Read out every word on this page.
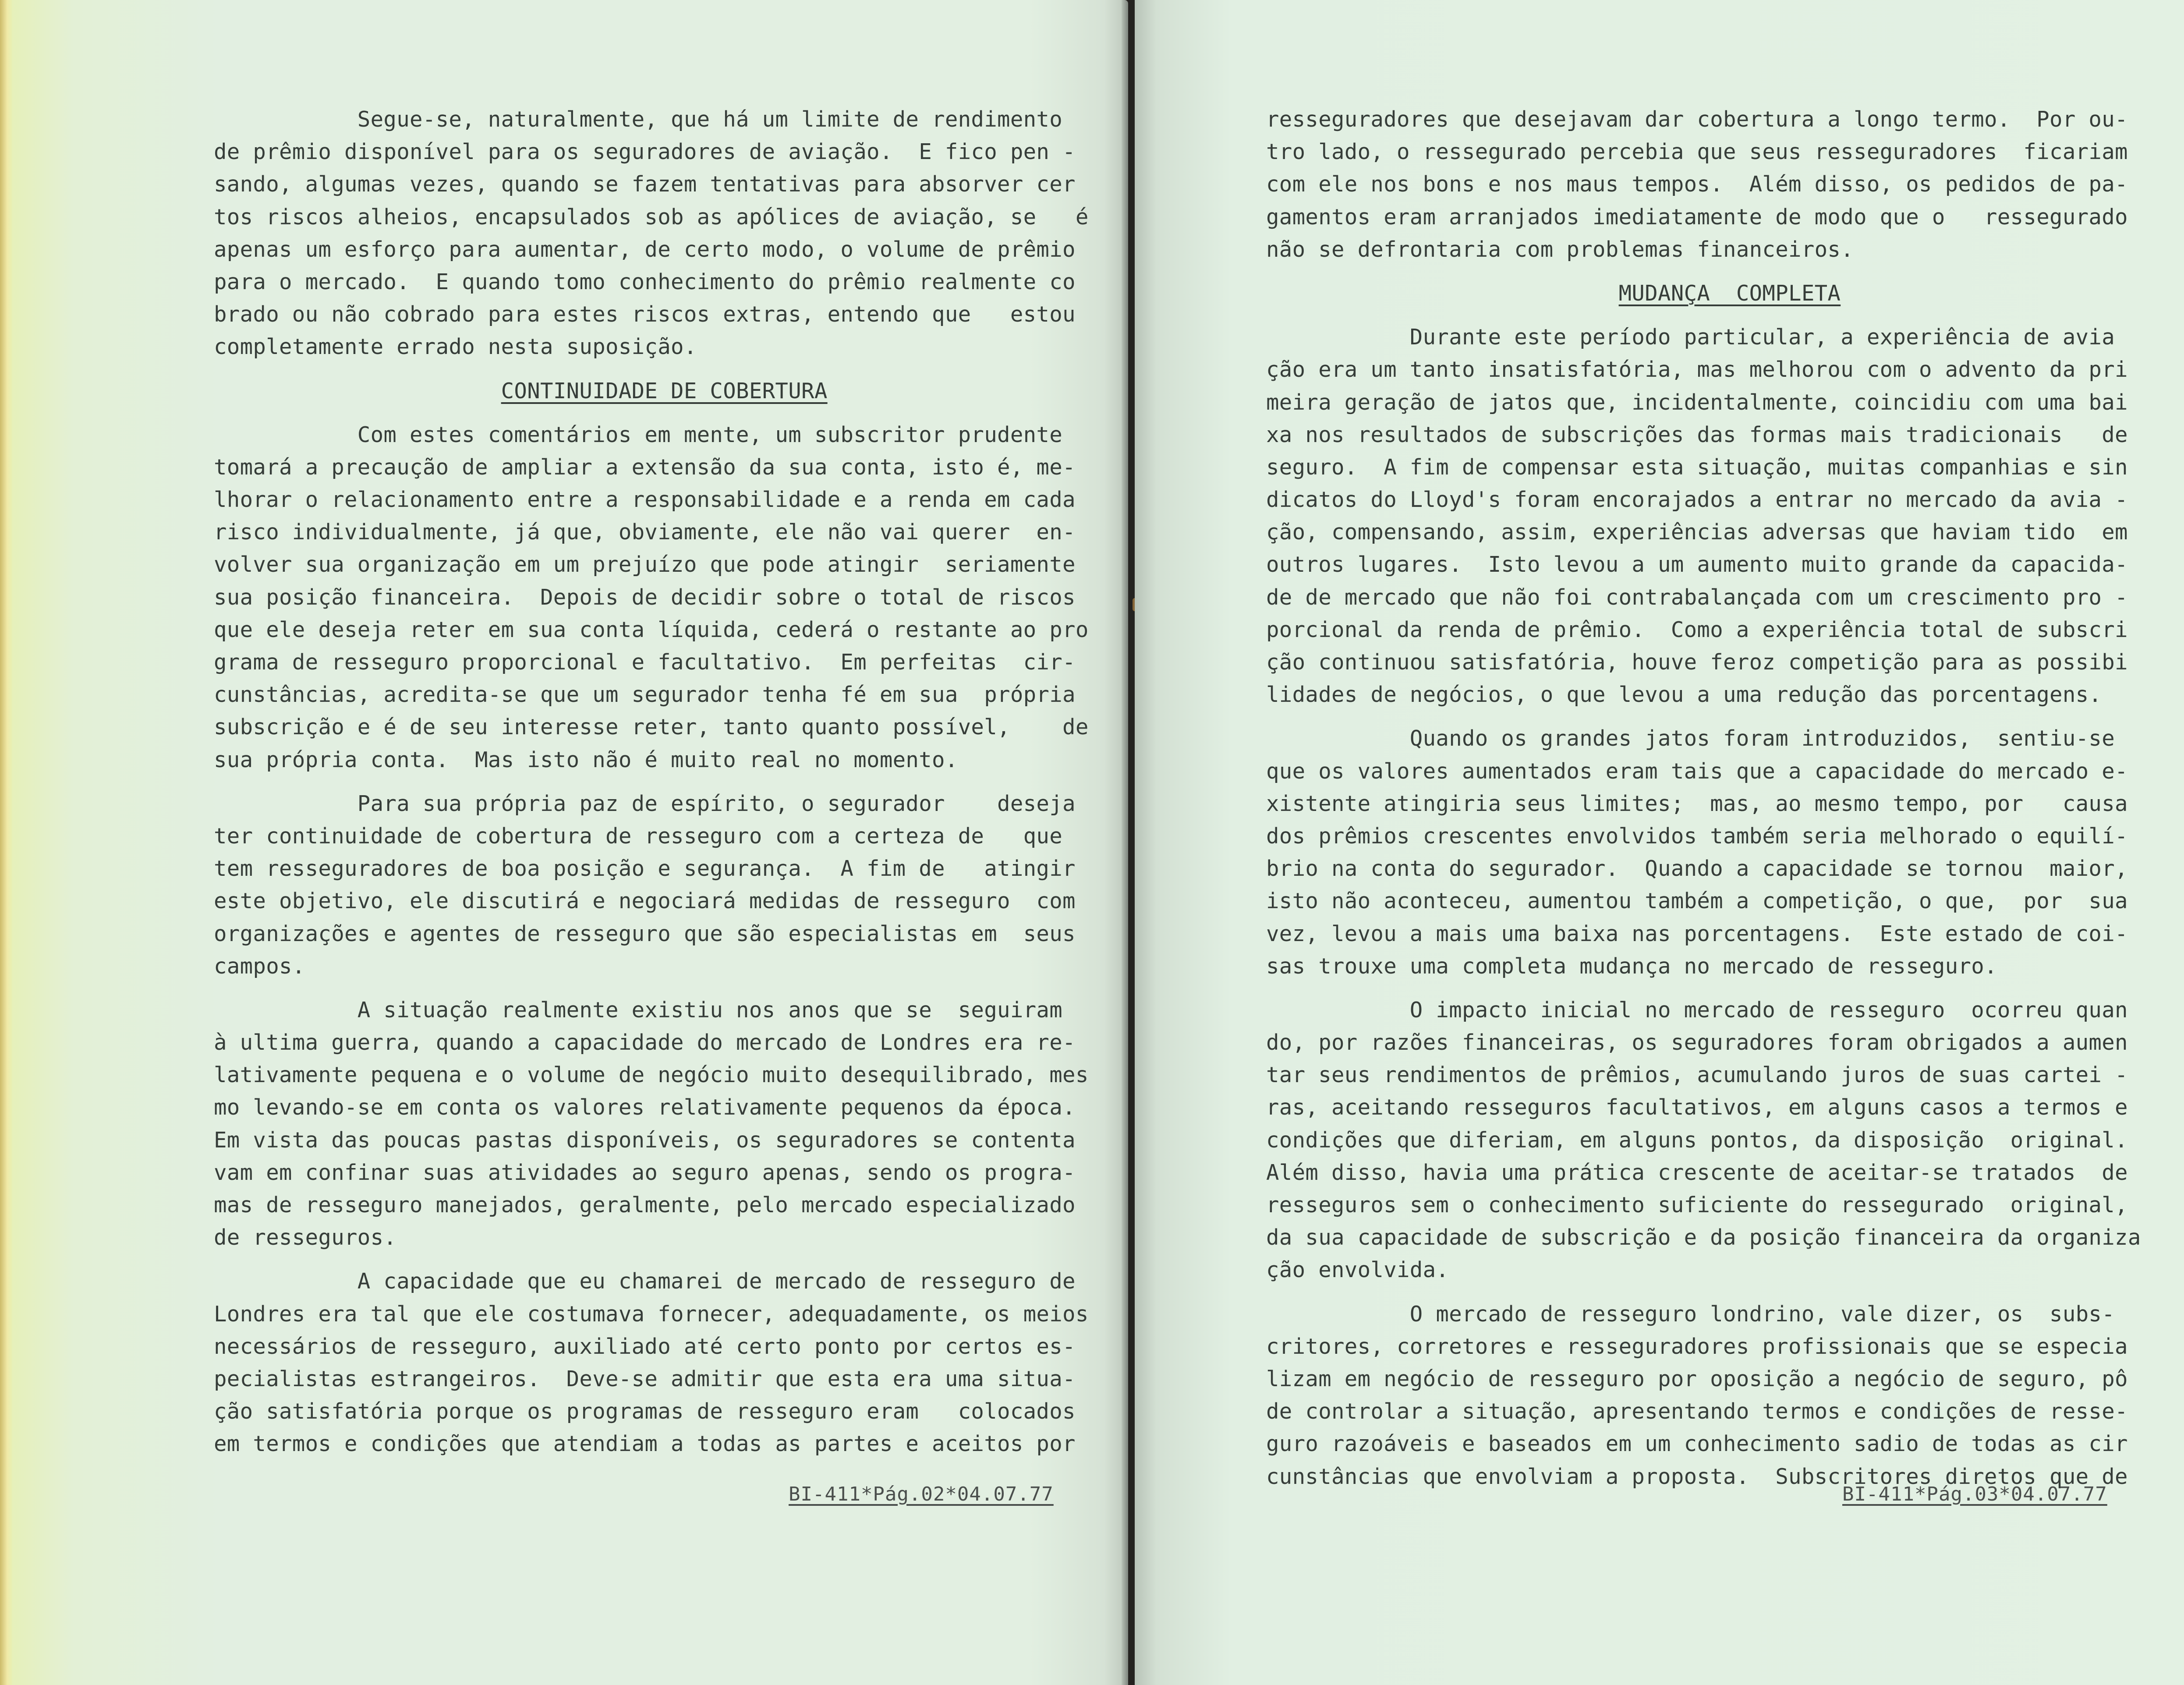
Segue-se, naturalmente, que há um limite de rendimento
de prêmio disponível para os seguradores de aviação.  E fico pen -
sando, algumas vezes, quando se fazem tentativas para absorver cer
tos riscos alheios, encapsulados sob as apólices de aviação, se   é
apenas um esforço para aumentar, de certo modo, o volume de prêmio
para o mercado.  E quando tomo conhecimento do prêmio realmente co
brado ou não cobrado para estes riscos extras, entendo que   estou
completamente errado nesta suposição.
CONTINUIDADE DE COBERTURA
Com estes comentários em mente, um subscritor prudente
tomará a precaução de ampliar a extensão da sua conta, isto é, me-
lhorar o relacionamento entre a responsabilidade e a renda em cada
risco individualmente, já que, obviamente, ele não vai querer  en-
volver sua organização em um prejuízo que pode atingir  seriamente
sua posição financeira.  Depois de decidir sobre o total de riscos
que ele deseja reter em sua conta líquida, cederá o restante ao pro
grama de resseguro proporcional e facultativo.  Em perfeitas  cir-
cunstâncias, acredita-se que um segurador tenha fé em sua  própria
subscrição e é de seu interesse reter, tanto quanto possível,    de
sua própria conta.  Mas isto não é muito real no momento.
Para sua própria paz de espírito, o segurador    deseja
ter continuidade de cobertura de resseguro com a certeza de   que
tem resseguradores de boa posição e segurança.  A fim de   atingir
este objetivo, ele discutirá e negociará medidas de resseguro  com
organizações e agentes de resseguro que são especialistas em  seus
campos.
A situação realmente existiu nos anos que se  seguiram
à ultima guerra, quando a capacidade do mercado de Londres era re-
lativamente pequena e o volume de negócio muito desequilibrado, mes
mo levando-se em conta os valores relativamente pequenos da época.
Em vista das poucas pastas disponíveis, os seguradores se contenta
vam em confinar suas atividades ao seguro apenas, sendo os progra-
mas de resseguro manejados, geralmente, pelo mercado especializado
de resseguros.
A capacidade que eu chamarei de mercado de resseguro de
Londres era tal que ele costumava fornecer, adequadamente, os meios
necessários de resseguro, auxiliado até certo ponto por certos es-
pecialistas estrangeiros.  Deve-se admitir que esta era uma situa-
ção satisfatória porque os programas de resseguro eram   colocados
em termos e condições que atendiam a todas as partes e aceitos por
BI-411*Pág.02*04.07.77
resseguradores que desejavam dar cobertura a longo termo.  Por ou-
tro lado, o ressegurado percebia que seus resseguradores  ficariam
com ele nos bons e nos maus tempos.  Além disso, os pedidos de pa-
gamentos eram arranjados imediatamente de modo que o   ressegurado
não se defrontaria com problemas financeiros.
MUDANÇA  COMPLETA
Durante este período particular, a experiência de avia
ção era um tanto insatisfatória, mas melhorou com o advento da pri
meira geração de jatos que, incidentalmente, coincidiu com uma bai
xa nos resultados de subscrições das formas mais tradicionais   de
seguro.  A fim de compensar esta situação, muitas companhias e sin
dicatos do Lloyd's foram encorajados a entrar no mercado da avia -
ção, compensando, assim, experiências adversas que haviam tido  em
outros lugares.  Isto levou a um aumento muito grande da capacida-
de de mercado que não foi contrabalançada com um crescimento pro -
porcional da renda de prêmio.  Como a experiência total de subscri
ção continuou satisfatória, houve feroz competição para as possibi
lidades de negócios, o que levou a uma redução das porcentagens.
Quando os grandes jatos foram introduzidos,  sentiu-se
que os valores aumentados eram tais que a capacidade do mercado e-
xistente atingiria seus limites;  mas, ao mesmo tempo, por   causa
dos prêmios crescentes envolvidos também seria melhorado o equilí-
brio na conta do segurador.  Quando a capacidade se tornou  maior,
isto não aconteceu, aumentou também a competição, o que,  por  sua
vez, levou a mais uma baixa nas porcentagens.  Este estado de coi-
sas trouxe uma completa mudança no mercado de resseguro.
O impacto inicial no mercado de resseguro  ocorreu quan
do, por razões financeiras, os seguradores foram obrigados a aumen
tar seus rendimentos de prêmios, acumulando juros de suas cartei -
ras, aceitando resseguros facultativos, em alguns casos a termos e
condições que diferiam, em alguns pontos, da disposição  original.
Além disso, havia uma prática crescente de aceitar-se tratados  de
resseguros sem o conhecimento suficiente do ressegurado  original,
da sua capacidade de subscrição e da posição financeira da organiza
ção envolvida.
O mercado de resseguro londrino, vale dizer, os  subs-
critores, corretores e resseguradores profissionais que se especia
lizam em negócio de resseguro por oposição a negócio de seguro, pô
de controlar a situação, apresentando termos e condições de resse-
guro razoáveis e baseados em um conhecimento sadio de todas as cir
cunstâncias que envolviam a proposta.  Subscritores diretos que de
BI-411*Pág.03*04.07.77
